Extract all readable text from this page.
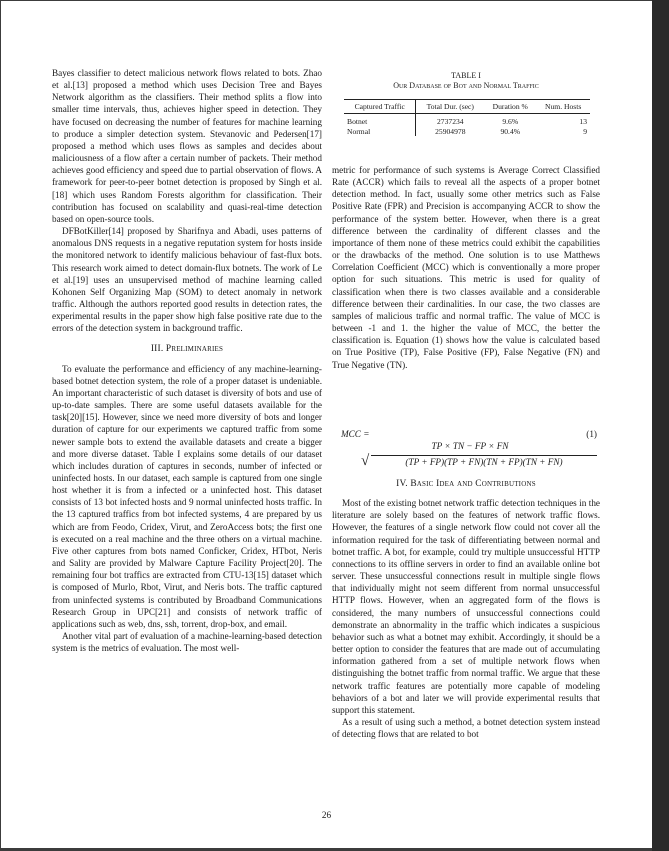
Bayes classifier to detect malicious network flows related to bots. Zhao et al.[13] proposed a method which uses Decision Tree and Bayes Network algorithm as the classifiers. Their method splits a flow into smaller time intervals, thus, achieves higher speed in detection. They have focused on decreasing the number of features for machine learning to produce a simpler detection system. Stevanovic and Pedersen[17] proposed a method which uses flows as samples and decides about maliciousness of a flow after a certain number of packets. Their method achieves good efficiency and speed due to partial observation of flows. A framework for peer-to-peer botnet detection is proposed by Singh et al.[18] which uses Random Forests algorithm for classification. Their contribution has focused on scalability and quasi-real-time detection based on open-source tools.

DFBotKiller[14] proposed by Sharifnya and Abadi, uses patterns of anomalous DNS requests in a negative reputation system for hosts inside the monitored network to identify malicious behaviour of fast-flux bots. This research work aimed to detect domain-flux botnets. The work of Le et al.[19] uses an unsupervised method of machine learning called Kohonen Self Organizing Map (SOM) to detect anomaly in network traffic. Although the authors reported good results in detection rates, the experimental results in the paper show high false positive rate due to the errors of the detection system in background traffic.

III. Preliminaries

To evaluate the performance and efficiency of any machine-learning-based botnet detection system, the role of a proper dataset is undeniable. An important characteristic of such dataset is diversity of bots and use of up-to-date samples. There are some useful datasets available for the task[20][15]. However, since we need more diversity of bots and longer duration of capture for our experiments we captured traffic from some newer sample bots to extend the available datasets and create a bigger and more diverse dataset. Table I explains some details of our dataset which includes duration of captures in seconds, number of infected or uninfected hosts. In our dataset, each sample is captured from one single host whether it is from a infected or a uninfected host. This dataset consists of 13 bot infected hosts and 9 normal uninfected hosts traffic. In the 13 captured traffics from bot infected systems, 4 are prepared by us which are from Feodo, Cridex, Virut, and ZeroAccess bots; the first one is executed on a real machine and the three others on a virtual machine. Five other captures from bots named Conficker, Cridex, HTbot, Neris and Sality are provided by Malware Capture Facility Project[20]. The remaining four bot traffics are extracted from CTU-13[15] dataset which is composed of Murlo, Rbot, Virut, and Neris bots. The traffic captured from uninfected systems is contributed by Broadband Communications Research Group in UPC[21] and consists of network traffic of applications such as web, dns, ssh, torrent, drop-box, and email.

Another vital part of evaluation of a machine-learning-based detection system is the metrics of evaluation. The most well-

TABLE I
Our Database of Bot and Normal Traffic
Captured Traffic	Total Dur. (sec)	Duration %	Num. Hosts
Botnet	2737234	9.6%	13
Normal	25904978	90.4%	9

metric for performance of such systems is Average Correct Classified Rate (ACCR) which fails to reveal all the aspects of a proper botnet detection method. In fact, usually some other metrics such as False Positive Rate (FPR) and Precision is accompanying ACCR to show the performance of the system better. However, when there is a great difference between the cardinality of different classes and the importance of them none of these metrics could exhibit the capabilities or the drawbacks of the method. One solution is to use Matthews Correlation Coefficient (MCC) which is conventionally a more proper option for such situations. This metric is used for quality of classification when there is two classes available and a considerable difference between their cardinalities. In our case, the two classes are samples of malicious traffic and normal traffic. The value of MCC is between -1 and 1. the higher the value of MCC, the better the classification is. Equation (1) shows how the value is calculated based on True Positive (TP), False Positive (FP), False Negative (FN) and True Negative (TN).

MCC =	(1)
TP × TN − FP × FN
√	(TP + FP)(TP + FN)(TN + FP)(TN + FN)
IV. Basic Idea and Contributions

Most of the existing botnet network traffic detection techniques in the literature are solely based on the features of network traffic flows. However, the features of a single network flow could not cover all the information required for the task of differentiating between normal and botnet traffic. A bot, for example, could try multiple unsuccessful HTTP connections to its offline servers in order to find an available online bot server. These unsuccessful connections result in multiple single flows that individually might not seem different from normal unsuccessful HTTP flows. However, when an aggregated form of the flows is considered, the many numbers of unsuccessful connections could demonstrate an abnormality in the traffic which indicates a suspicious behavior such as what a botnet may exhibit. Accordingly, it should be a better option to consider the features that are made out of accumulating information gathered from a set of multiple network flows when distinguishing the botnet traffic from normal traffic. We argue that these network traffic features are potentially more capable of modeling behaviors of a bot and later we will provide experimental results that support this statement.

As a result of using such a method, a botnet detection system instead of detecting flows that are related to bot

26
